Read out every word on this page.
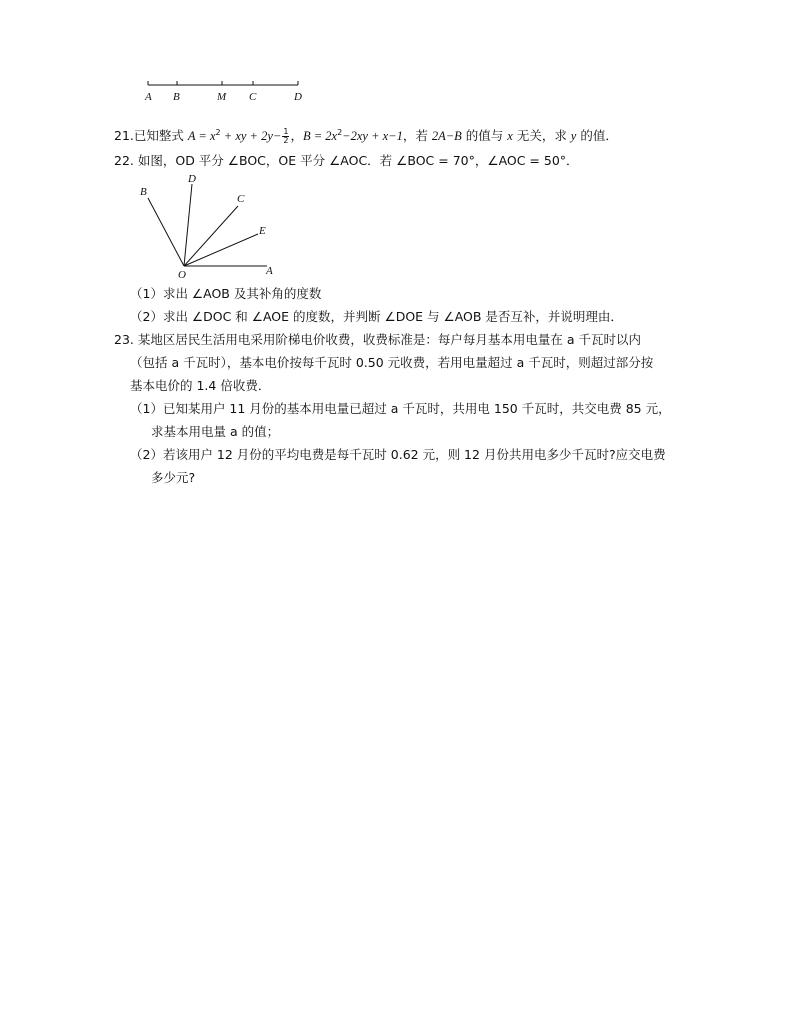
A B	M C	D
21.已知整式 $A = x^2$ + xy + $2y- \frac{1}{2}$ ，$B = 2x^2-2xy + x-1$，若 2A−B 的值与 x 无关，求 y 的值．
22. 如图，OD 平分 ∠BOC，OE 平分 ∠AOC．若 ∠BOC = 70°，∠AOC = 50°．
B
D
C
E
O	A
（1）求出 ∠AOB 及其补角的度数
（2）求出 ∠DOC 和 ∠AOE 的度数，并判断 ∠DOE 与 ∠AOB 是否互补，并说明理由．
23. 某地区居民生活用电采用阶梯电价收费，收费标准是：每户每月基本用电量在 a 千瓦时以内
（包括 a 千瓦时），基本电价按每千瓦时 0.50 元收费，若用电量超过 a 千瓦时，则超过部分按
基本电价的 1.4 倍收费．
（1）已知某用户 11 月份的基本用电量已超过 a 千瓦时，共用电 150 千瓦时，共交电费 85 元，
求基本用电量 a 的值；
（2）若该用户 12 月份的平均电费是每千瓦时 0.62 元，则 12 月份共用电多少千瓦时?应交电费
多少元?
